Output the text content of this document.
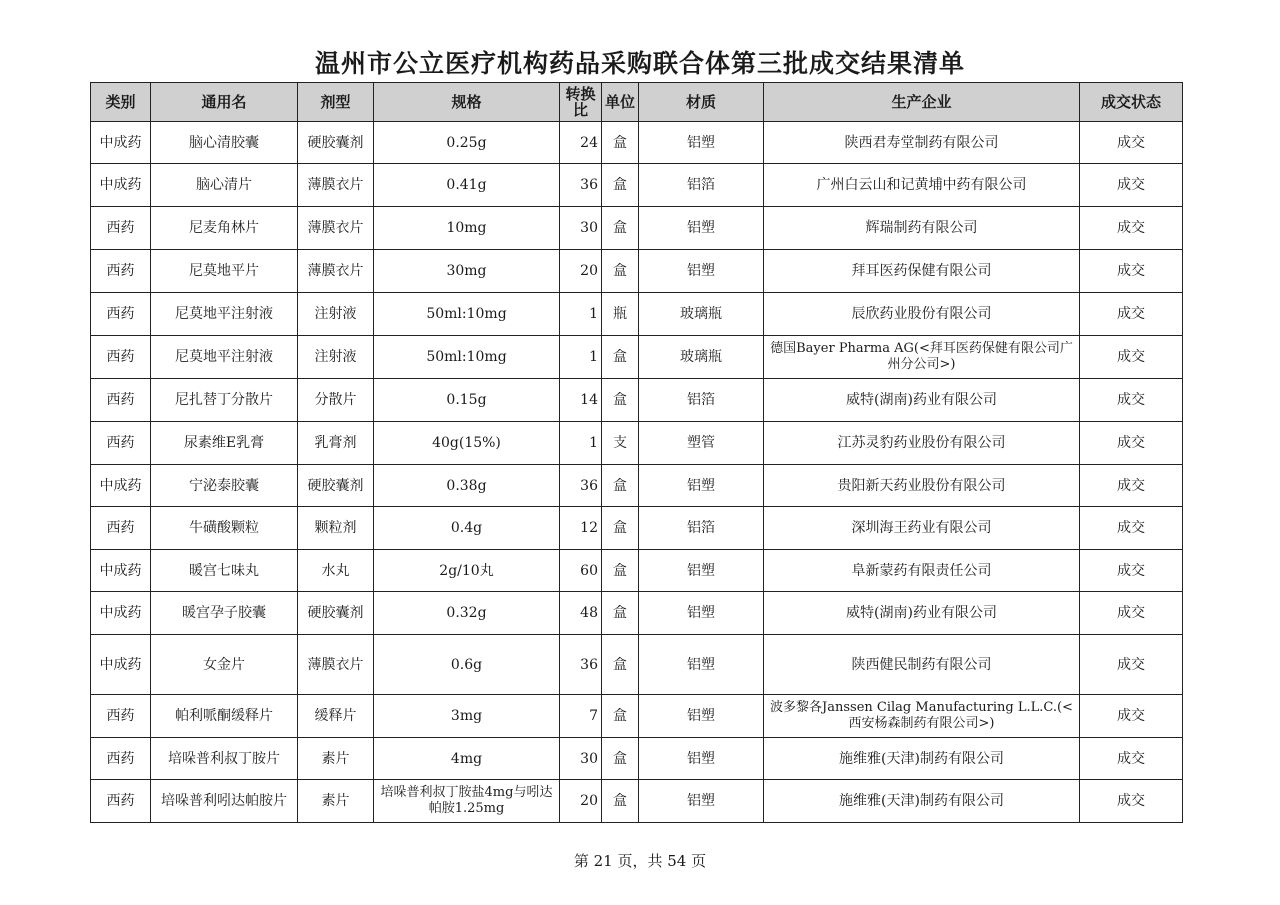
温州市公立医疗机构药品采购联合体第三批成交结果清单
类别	通用名	剂型	规格	转换比	单位	材质	生产企业	成交状态
中成药	脑心清胶囊	硬胶囊剂	0.25g	24	盒	铝塑	陕西君寿堂制药有限公司	成交
中成药	脑心清片	薄膜衣片	0.41g	36	盒	铝箔	广州白云山和记黄埔中药有限公司	成交
西药	尼麦角林片	薄膜衣片	10mg	30	盒	铝塑	辉瑞制药有限公司	成交
西药	尼莫地平片	薄膜衣片	30mg	20	盒	铝塑	拜耳医药保健有限公司	成交
西药	尼莫地平注射液	注射液	50ml:10mg	1	瓶	玻璃瓶	辰欣药业股份有限公司	成交
西药	尼莫地平注射液	注射液	50ml:10mg	1	盒	玻璃瓶	德国Bayer Pharma AG(<拜耳医药保健有限公司广州分公司>)	成交
西药	尼扎替丁分散片	分散片	0.15g	14	盒	铝箔	威特(湖南)药业有限公司	成交
西药	尿素维E乳膏	乳膏剂	40g(15%)	1	支	塑管	江苏灵豹药业股份有限公司	成交
中成药	宁泌泰胶囊	硬胶囊剂	0.38g	36	盒	铝塑	贵阳新天药业股份有限公司	成交
西药	牛磺酸颗粒	颗粒剂	0.4g	12	盒	铝箔	深圳海王药业有限公司	成交
中成药	暖宫七味丸	水丸	2g/10丸	60	盒	铝塑	阜新蒙药有限责任公司	成交
中成药	暖宫孕子胶囊	硬胶囊剂	0.32g	48	盒	铝塑	威特(湖南)药业有限公司	成交
中成药	女金片	薄膜衣片	0.6g	36	盒	铝塑	陕西健民制药有限公司	成交
西药	帕利哌酮缓释片	缓释片	3mg	7	盒	铝塑	波多黎各Janssen Cilag Manufacturing L.L.C.(<西安杨森制药有限公司>)	成交
西药	培哚普利叔丁胺片	素片	4mg	30	盒	铝塑	施维雅(天津)制药有限公司	成交
西药	培哚普利吲达帕胺片	素片	培哚普利叔丁胺盐4mg与吲达帕胺1.25mg	20	盒	铝塑	施维雅(天津)制药有限公司	成交
第 21 页，共 54 页
